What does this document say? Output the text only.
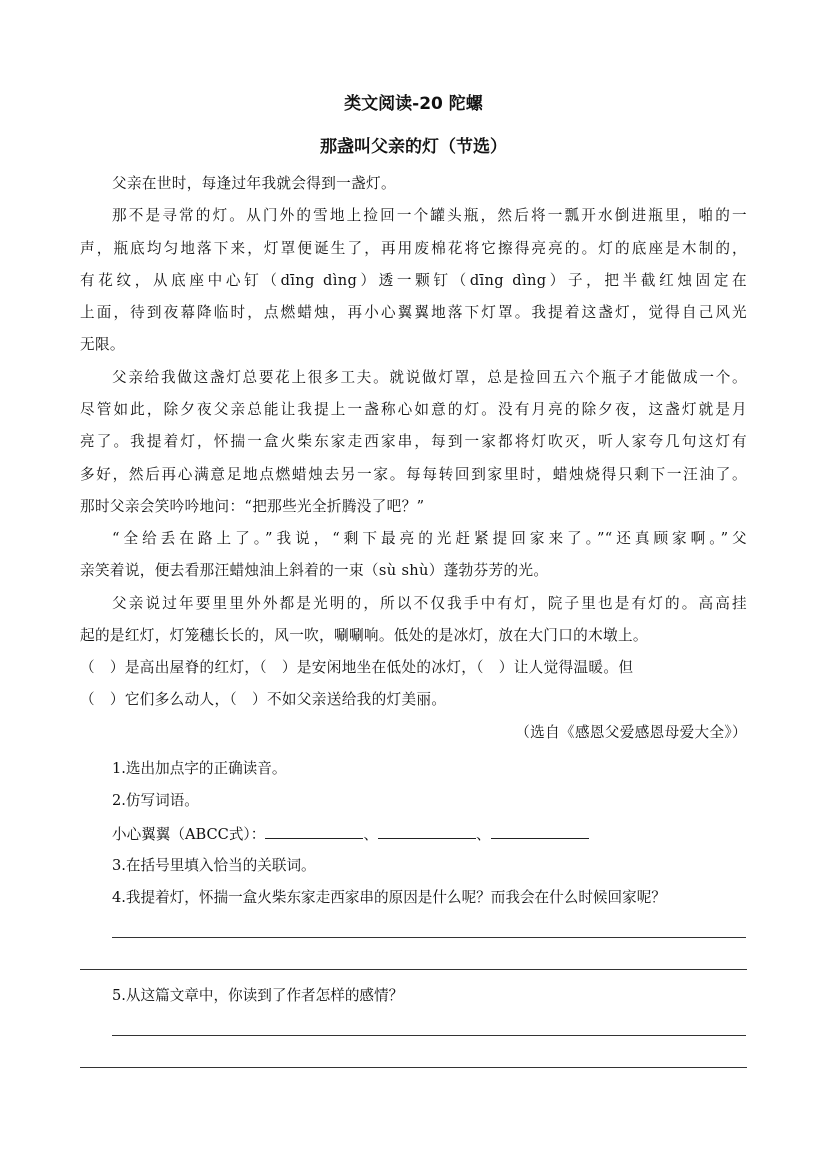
类文阅读-20 陀螺
那盏叫父亲的灯（节选）
父亲在世时，每逢过年我就会得到一盏灯。
那不是寻常的灯。从门外的雪地上捡回一个罐头瓶，然后将一瓢开水倒进瓶里，啪的一
声，瓶底均匀地落下来，灯罩便诞生了，再用废棉花将它擦得亮亮的。灯的底座是木制的，
有花纹，从底座中心钉（dīng dìng）透一颗钉（dīng dìng）子，把半截红烛固定在
上面，待到夜幕降临时，点燃蜡烛，再小心翼翼地落下灯罩。我提着这盏灯，觉得自己风光
无限。
父亲给我做这盏灯总要花上很多工夫。就说做灯罩，总是捡回五六个瓶子才能做成一个。
尽管如此，除夕夜父亲总能让我提上一盏称心如意的灯。没有月亮的除夕夜，这盏灯就是月
亮了。我提着灯，怀揣一盒火柴东家走西家串，每到一家都将灯吹灭，听人家夸几句这灯有
多好，然后再心满意足地点燃蜡烛去另一家。每每转回到家里时，蜡烛烧得只剩下一汪油了。
那时父亲会笑吟吟地问：“把那些光全折腾没了吧？”
“全给丢在路上了。”我说，“剩下最亮的光赶紧提回家来了。”“还真顾家啊。”父
亲笑着说，便去看那汪蜡烛油上斜着的一束（sù shù）蓬勃芬芳的光。
父亲说过年要里里外外都是光明的，所以不仅我手中有灯，院子里也是有灯的。高高挂
起的是红灯，灯笼穗长长的，风一吹，唰唰响。低处的是冰灯，放在大门口的木墩上。
（　）是高出屋脊的红灯，（　）是安闲地坐在低处的冰灯，（　）让人觉得温暖。但
（　）它们多么动人，（　）不如父亲送给我的灯美丽。
（选自《感恩父爱感恩母爱大全》）
1.选出加点字的正确读音。
2.仿写词语。
小心翼翼（ABCC式）：	、	、
3.在括号里填入恰当的关联词。
4.我提着灯，怀揣一盒火柴东家走西家串的原因是什么呢？而我会在什么时候回家呢？
5.从这篇文章中，你读到了作者怎样的感情？
